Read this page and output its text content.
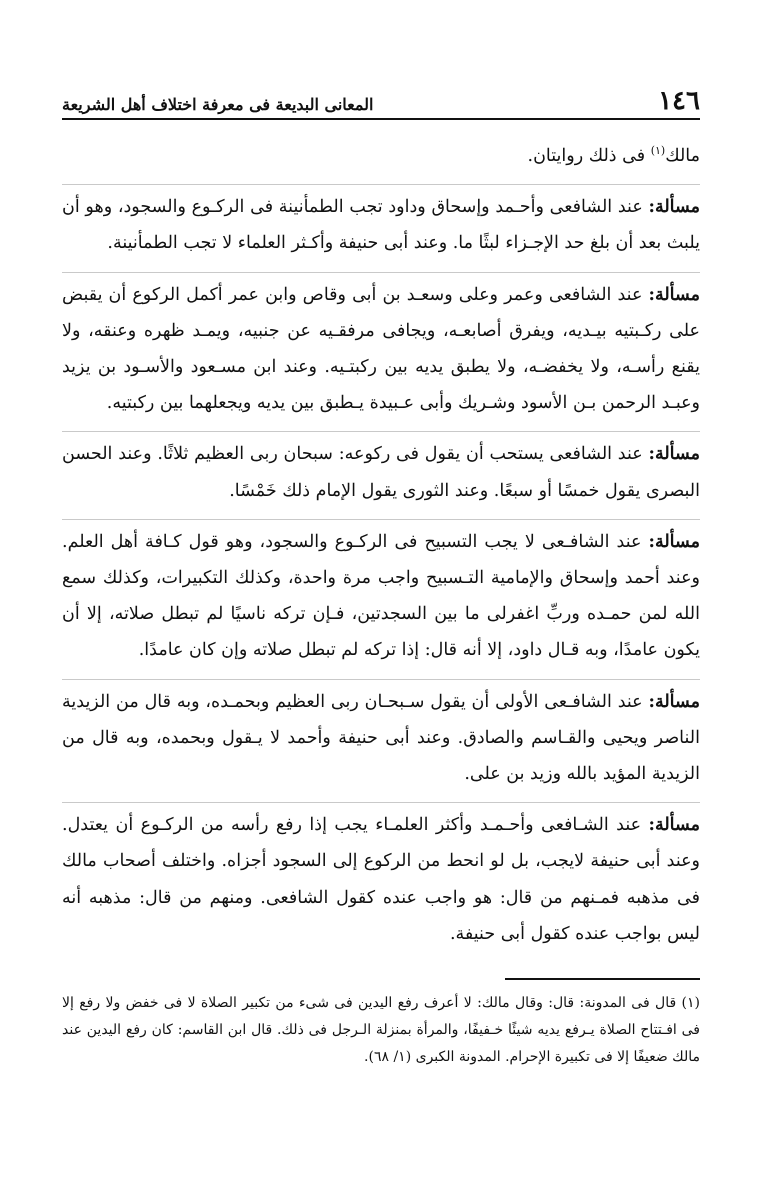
١٤٦
المعانى البديعة فى معرفة اختلاف أهل الشريعة

مالك$^{(١)}$ فى ذلك روايتان.

مسألة: عند الشافعى وأحـمد وإسحاق وداود تجب الطمأنينة فى الركـوع والسجود، وهو أن يلبث بعد أن بلغ حد الإجـزاء لبثًا ما. وعند أبى حنيفة وأكـثر العلماء لا تجب الطمأنينة.

مسألة: عند الشافعى وعمر وعلى وسعـد بن أبى وقاص وابن عمر أكمل الركوع أن يقبض على ركـبتيه بيـديه، ويفرق أصابعـه، ويجافى مرفقـيه عن جنبيه، ويمـد ظهره وعنقه، ولا يقنع رأسـه، ولا يخفضـه، ولا يطبق يديه بين ركبتـيه. وعند ابن مسـعود والأسـود بن يزيد وعبـد الرحمن بـن الأسود وشـريك وأبى عـبيدة يـطبق بين يديه ويجعلهما بين ركبتيه.

مسألة: عند الشافعى يستحب أن يقول فى ركوعه: سبحان ربى العظيم ثلاثًا. وعند الحسن البصرى يقول خمسًا أو سبعًا. وعند الثورى يقول الإمام ذلك خَمْسًا.

مسألة: عند الشافـعى لا يجب التسبيح فى الركـوع والسجود، وهو قول كـافة أهل العلم. وعند أحمد وإسحاق والإمامية التـسبيح واجب مرة واحدة، وكذلك التكبيرات، وكذلك سمع الله لمن حمـده وربِّ اغفرلى ما بين السجدتين، فـإن تركه ناسيًا لم تبطل صلاته، إلا أن يكون عامدًا، وبه قـال داود، إلا أنه قال: إذا تركه لم تبطل صلاته وإن كان عامدًا.

مسألة: عند الشافـعى الأولى أن يقول سـبحـان ربى العظيم وبحمـده، وبه قال من الزيدية الناصر ويحيى والقـاسم والصادق. وعند أبى حنيفة وأحمد لا يـقول وبحمده، وبه قال من الزيدية المؤيد بالله وزيد بن على.

مسألة: عند الشـافعى وأحـمـد وأكثر العلمـاء يجب إذا رفع رأسه من الركـوع أن يعتدل. وعند أبى حنيفة لايجب، بل لو انحط من الركوع إلى السجود أجزاه. واختلف أصحاب مالك فى مذهبه فمـنهم من قال: هو واجب عنده كقول الشافعى. ومنهم من قال: مذهبه أنه ليس بواجب عنده كقول أبى حنيفة.

(١) قال فى المدونة: قال: وقال مالك: لا أعرف رفع اليدين فى شىء من تكبير الصلاة لا فى خفض ولا رفع إلا فى افـتتاح الصلاة يـرفع يديه شيئًا خـفيفًا، والمرأة بمنزلة الـرجل فى ذلك. قال ابن القاسم: كان رفع اليدين عند مالك ضعيفًا إلا فى تكبيرة الإحرام. المدونة الكبرى (١/ ٦٨).
